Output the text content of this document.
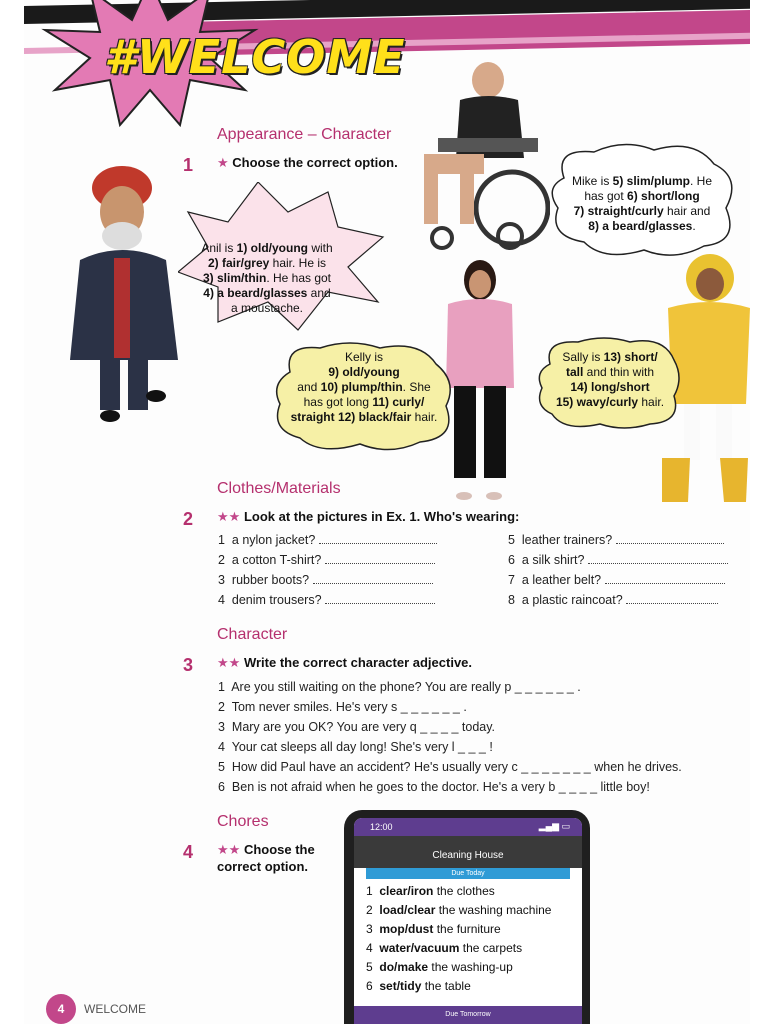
#WELCOME
Appearance – Character
1 ★ Choose the correct option.
Anil is 1) old/young with
2) fair/grey hair. He is
3) slim/thin. He has got
4) a beard/glasses and
a moustache.
Mike is 5) slim/plump. He
has got 6) short/long
7) straight/curly hair and
8) a beard/glasses.
Kelly is
9) old/young
and 10) plump/thin. She
has got long 11) curly/
straight 12) black/fair hair.
Sally is 13) short/
tall and thin with
14) long/short
15) wavy/curly hair.
Clothes/Materials
2 ★★ Look at the pictures in Ex. 1. Who's wearing:
1 a nylon jacket?
2 a cotton T-shirt?
3 rubber boots?
4 denim trousers?
5 leather trainers?
6 a silk shirt?
7 a leather belt?
8 a plastic raincoat?
Character
3 ★★ Write the correct character adjective.
1 Are you still waiting on the phone? You are really p _ _ _ _ _ _ .
2 Tom never smiles. He's very s _ _ _ _ _ _ .
3 Mary are you OK? You are very q _ _ _ _ today.
4 Your cat sleeps all day long! She's very l _ _ _ !
5 How did Paul have an accident? He's usually very c _ _ _ _ _ _ _ when he drives.
6 Ben is not afraid when he goes to the doctor. He's a very b _ _ _ _ little boy!
Chores
4 ★★ Choose the
correct option.
12:00	▂▄▆ ▭
Cleaning House
Due Today
1 clear/iron the clothes
2 load/clear the washing machine
3 mop/dust the furniture
4 water/vacuum the carpets
5 do/make the washing-up
6 set/tidy the table
Due Tomorrow
4	WELCOME
